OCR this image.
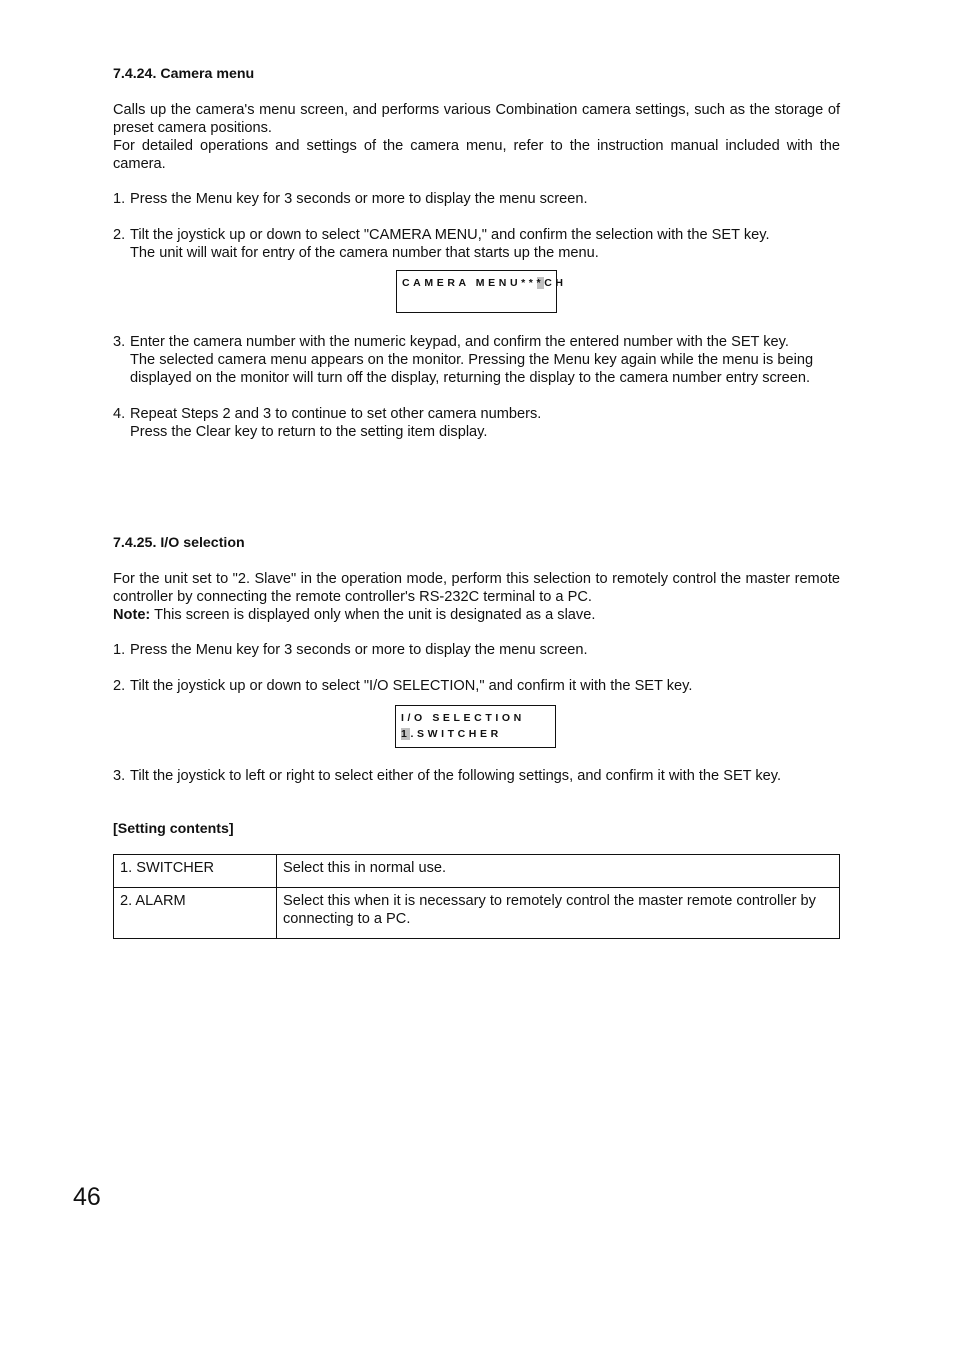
7.4.24. Camera menu

Calls up the camera's menu screen, and performs various Combination camera settings, such as the storage of preset camera positions.

For detailed operations and settings of the camera menu, refer to the instruction manual included with the camera.

1. Press the Menu key for 3 seconds or more to display the menu screen.
2. Tilt the joystick up or down to select "CAMERA MENU," and confirm the selection with the SET key.
The unit will wait for entry of the camera number that starts up the menu.
CAMERA MENU***CH
3. Enter the camera number with the numeric keypad, and confirm the entered number with the SET key.
The selected camera menu appears on the monitor. Pressing the Menu key again while the menu is being
displayed on the monitor will turn off the display, returning the display to the camera number entry screen.
4. Repeat Steps 2 and 3 to continue to set other camera numbers.
Press the Clear key to return to the setting item display.
7.4.25. I/O selection

For the unit set to "2. Slave" in the operation mode, perform this selection to remotely control the master remote controller by connecting the remote controller's RS-232C terminal to a PC.

Note: This screen is displayed only when the unit is designated as a slave.

1. Press the Menu key for 3 seconds or more to display the menu screen.
2. Tilt the joystick up or down to select "I/O SELECTION," and confirm it with the SET key.
I/O SELECTION
1.SWITCHER
3. Tilt the joystick to left or right to select either of the following settings, and confirm it with the SET key.
[Setting contents]
1. SWITCHER	Select this in normal use.
2. ALARM	Select this when it is necessary to remotely control the master remote controller by connecting to a PC.
46
